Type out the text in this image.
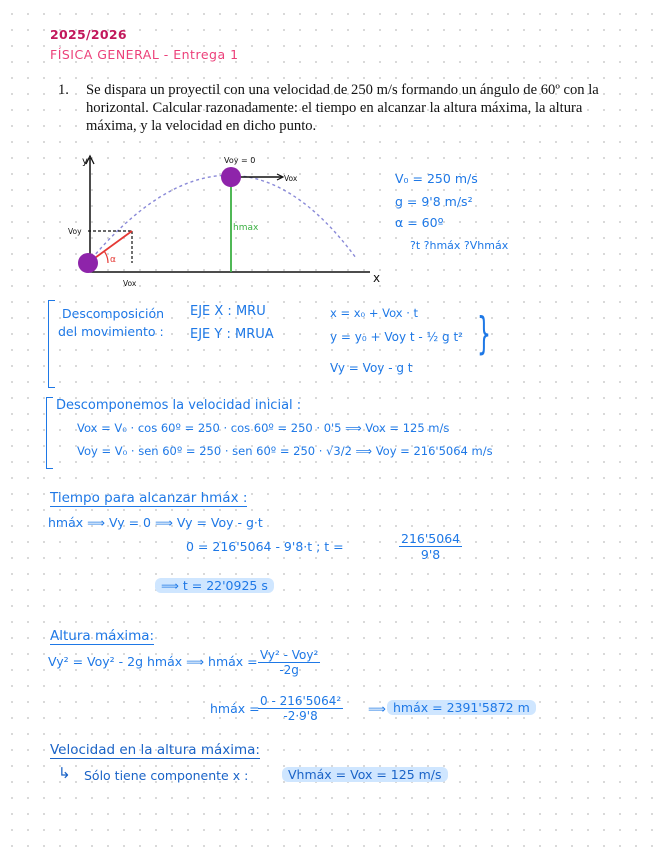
2025/2026
FÍSICA GENERAL - Entrega 1
1. Se dispara un proyectil con una velocidad de 250 m/s formando un ángulo de 60º con la horizontal. Calcular razonadamente: el tiempo en alcanzar la altura máxima, la altura máxima, y la velocidad en dicho punto.
y
x
α
hmax
Vox
Voy = 0
Voy
Vox
V₀ = 250 m/s
g = 9'8 m/s²
α = 60º
?t ?hmáx ?Vhmáx
Descomposición
del movimiento :
EJE X : MRU
EJE Y : MRUA
x = x₀ + Vox · t
y = y₀ + Voy t - ½ g t²
Vy = Voy - g t
}
Descomponemos la velocidad inicial :
Vox = V₀ · cos 60º = 250 · cos 60º = 250 · 0'5 ⟹ Vox = 125 m/s
Voy = V₀ · sen 60º = 250 · sen 60º = 250 · √3/2 ⟹ Voy = 216'5064 m/s
Tiempo para alcanzar hmáx :
hmáx ⟹ Vy = 0 ⟹ Vy = Voy - g·t
0 = 216'5064 - 9'8·t ; t =	$\frac{216'5064}{9'8}$
⟹ t = 22'0925 s
Altura máxima:
Vy² = Voy² - 2g hmáx ⟹ hmáx = Vy² - Voy²
-2g
hmáx =
$\frac{\text{0 - 216'5064²}}{-2\cdot 9'8}$ ⟹ hmáx = 2391'5872 m
Velocidad en la altura máxima:
↳ Sólo tiene componente x :	Vhmáx = Vox = 125 m/s
